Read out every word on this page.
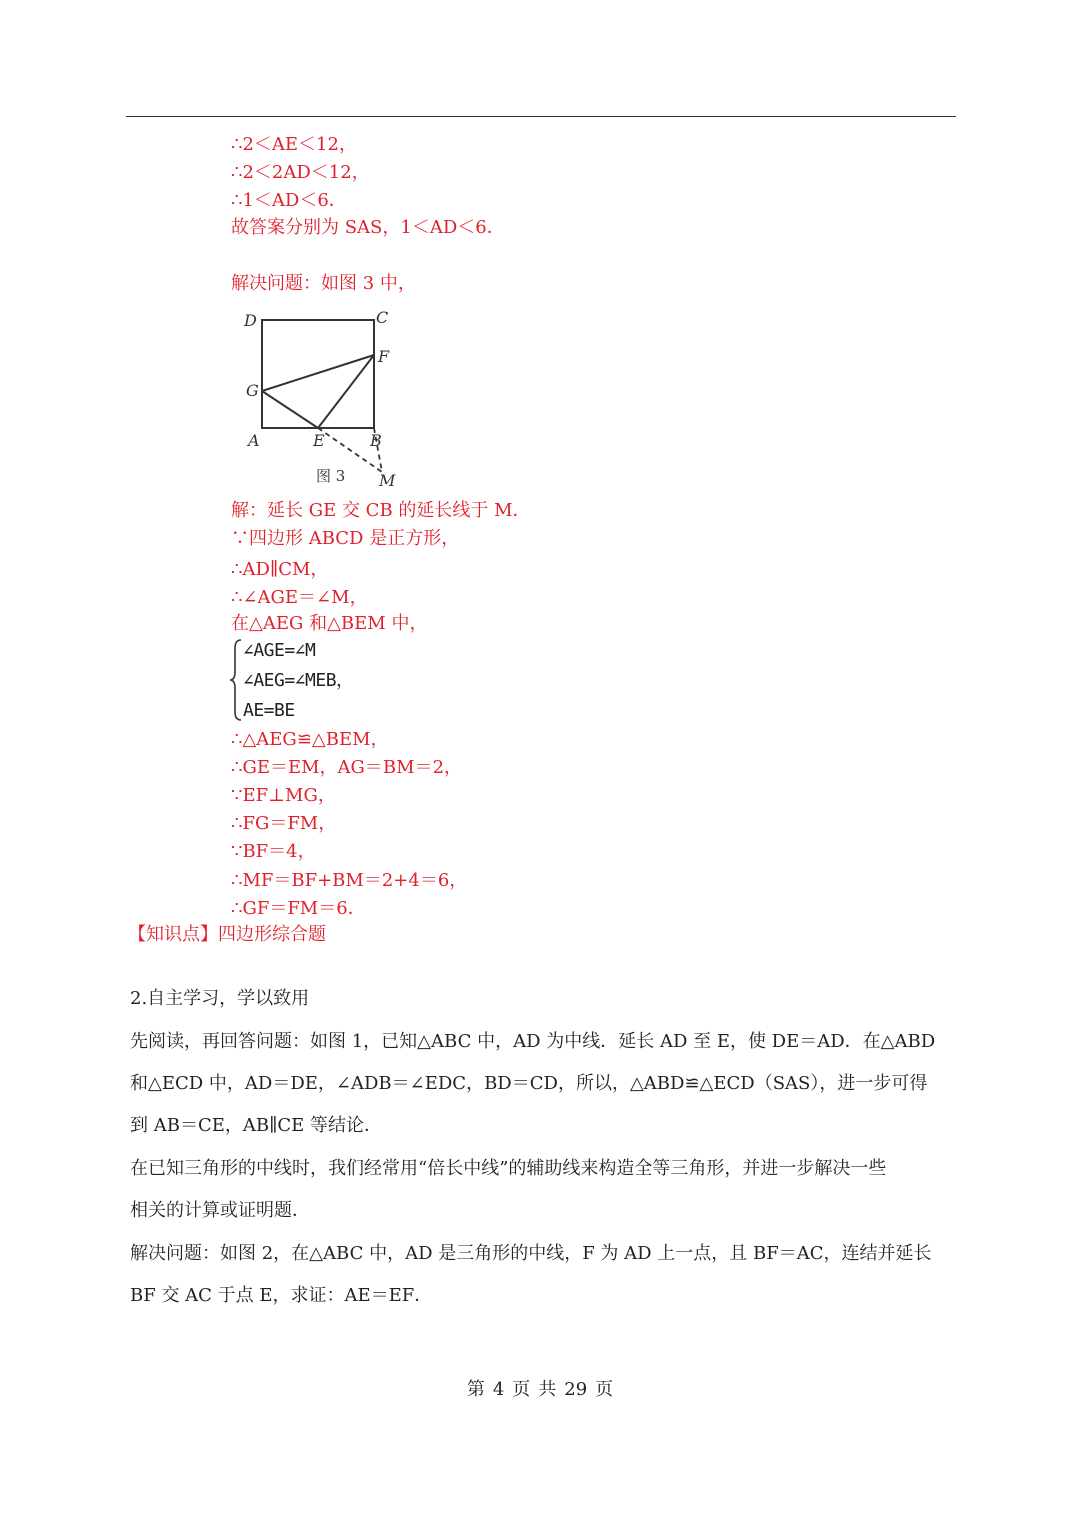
∴2＜AE＜12，
∴2＜2AD＜12，
∴1＜AD＜6．
故答案分别为 SAS，1＜AD＜6．
解决问题：如图 3 中，
D	C
F
G
A	E	B
M
图 3
解：延长 GE 交 CB 的延长线于 M．
∵四边形 ABCD 是正方形，
∴AD∥CM，
∴∠AGE＝∠M，
在△AEG 和△BEM 中，
∠AGE=∠M
∠AEG=∠MEB，
AE=BE
∴△AEG≌△BEM，
∴GE＝EM，AG＝BM＝2，
∵EF⊥MG，
∴FG＝FM，
∵BF＝4，
∴MF＝BF+BM＝2+4＝6，
∴GF＝FM＝6．
【知识点】四边形综合题
2.自主学习，学以致用
先阅读，再回答问题：如图 1，已知△ABC 中，AD 为中线．延长 AD 至 E，使 DE＝AD．在△ABD
和△ECD 中，AD＝DE，∠ADB＝∠EDC，BD＝CD，所以，△ABD≌△ECD（SAS），进一步可得
到 AB＝CE，AB∥CE 等结论．
在已知三角形的中线时，我们经常用“倍长中线”的辅助线来构造全等三角形，并进一步解决一些
相关的计算或证明题．
解决问题：如图 2，在△ABC 中，AD 是三角形的中线，F 为 AD 上一点，且 BF＝AC，连结并延长
BF 交 AC 于点 E，求证：AE＝EF．
第 4 页 共 29 页
